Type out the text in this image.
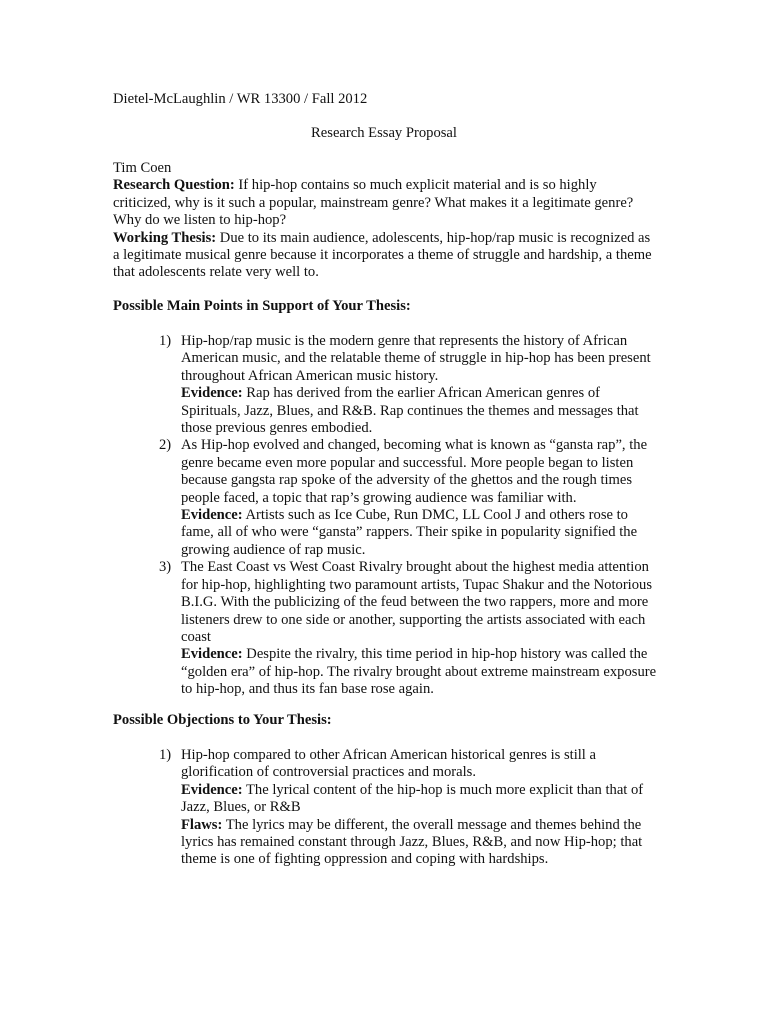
Dietel-McLaughlin / WR 13300 / Fall 2012
Research Essay Proposal

Tim Coen

Research Question: If hip-hop contains so much explicit material and is so highly criticized, why is it such a popular, mainstream genre? What makes it a legitimate genre? Why do we listen to hip-hop?

Working Thesis: Due to its main audience, adolescents, hip-hop/rap music is recognized as a legitimate musical genre because it incorporates a theme of struggle and hardship, a theme that adolescents relate very well to.

Possible Main Points in Support of Your Thesis:
1) Hip-hop/rap music is the modern genre that represents the history of African American music, and the relatable theme of struggle in hip-hop has been present throughout African American music history.

Evidence: Rap has derived from the earlier African American genres of Spirituals, Jazz, Blues, and R&B. Rap continues the themes and messages that those previous genres embodied.

2) As Hip-hop evolved and changed, becoming what is known as “gansta rap”, the genre became even more popular and successful. More people began to listen because gangsta rap spoke of the adversity of the ghettos and the rough times people faced, a topic that rap’s growing audience was familiar with.

Evidence: Artists such as Ice Cube, Run DMC, LL Cool J and others rose to fame, all of who were “gansta” rappers. Their spike in popularity signified the growing audience of rap music.

3) The East Coast vs West Coast Rivalry brought about the highest media attention for hip-hop, highlighting two paramount artists, Tupac Shakur and the Notorious B.I.G. With the publicizing of the feud between the two rappers, more and more listeners drew to one side or another, supporting the artists associated with each coast

Evidence: Despite the rivalry, this time period in hip-hop history was called the “golden era” of hip-hop. The rivalry brought about extreme mainstream exposure to hip-hop, and thus its fan base rose again.

Possible Objections to Your Thesis:
1) Hip-hop compared to other African American historical genres is still a glorification of controversial practices and morals.

Evidence: The lyrical content of the hip-hop is much more explicit than that of Jazz, Blues, or R&B

Flaws: The lyrics may be different, the overall message and themes behind the lyrics has remained constant through Jazz, Blues, R&B, and now Hip-hop; that theme is one of fighting oppression and coping with hardships.
